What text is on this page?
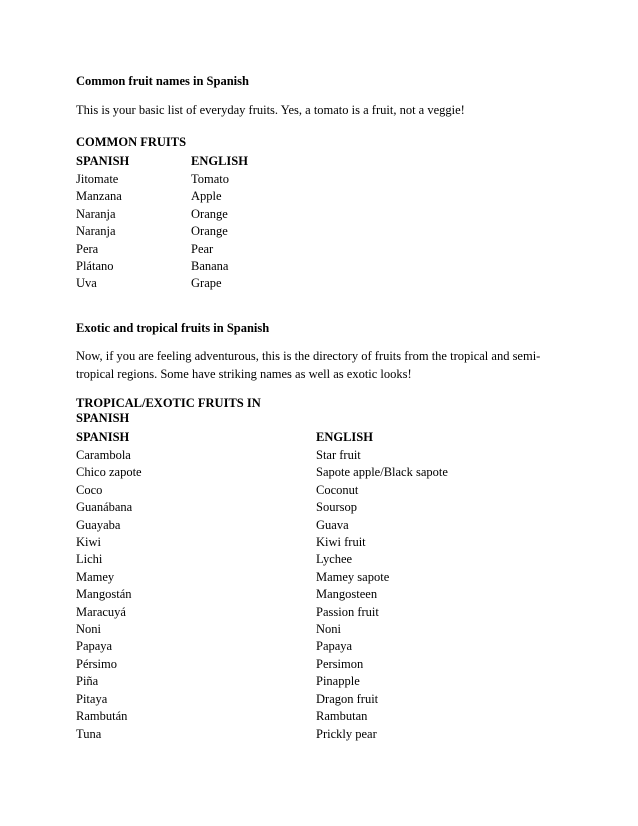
Common fruit names in Spanish
This is your basic list of everyday fruits. Yes, a tomato is a fruit, not a veggie!
COMMON FRUITS	
SPANISH	ENGLISH
Jitomate	Tomato
Manzana	Apple
Naranja	Orange
Naranja	Orange
Pera	Pear
Plátano	Banana
Uva	Grape
Exotic and tropical fruits in Spanish
Now, if you are feeling adventurous, this is the directory of fruits from the tropical and semi-tropical regions. Some have striking names as well as exotic looks!
TROPICAL/EXOTIC FRUITS IN SPANISH	
SPANISH	ENGLISH
Carambola	Star fruit
Chico zapote	Sapote apple/Black sapote
Coco	Coconut
Guanábana	Soursop
Guayaba	Guava
Kiwi	Kiwi fruit
Lichi	Lychee
Mamey	Mamey sapote
Mangostán	Mangosteen
Maracuyá	Passion fruit
Noni	Noni
Papaya	Papaya
Pérsimo	Persimon
Piña	Pinapple
Pitaya	Dragon fruit
Rambután	Rambutan
Tuna	Prickly pear
